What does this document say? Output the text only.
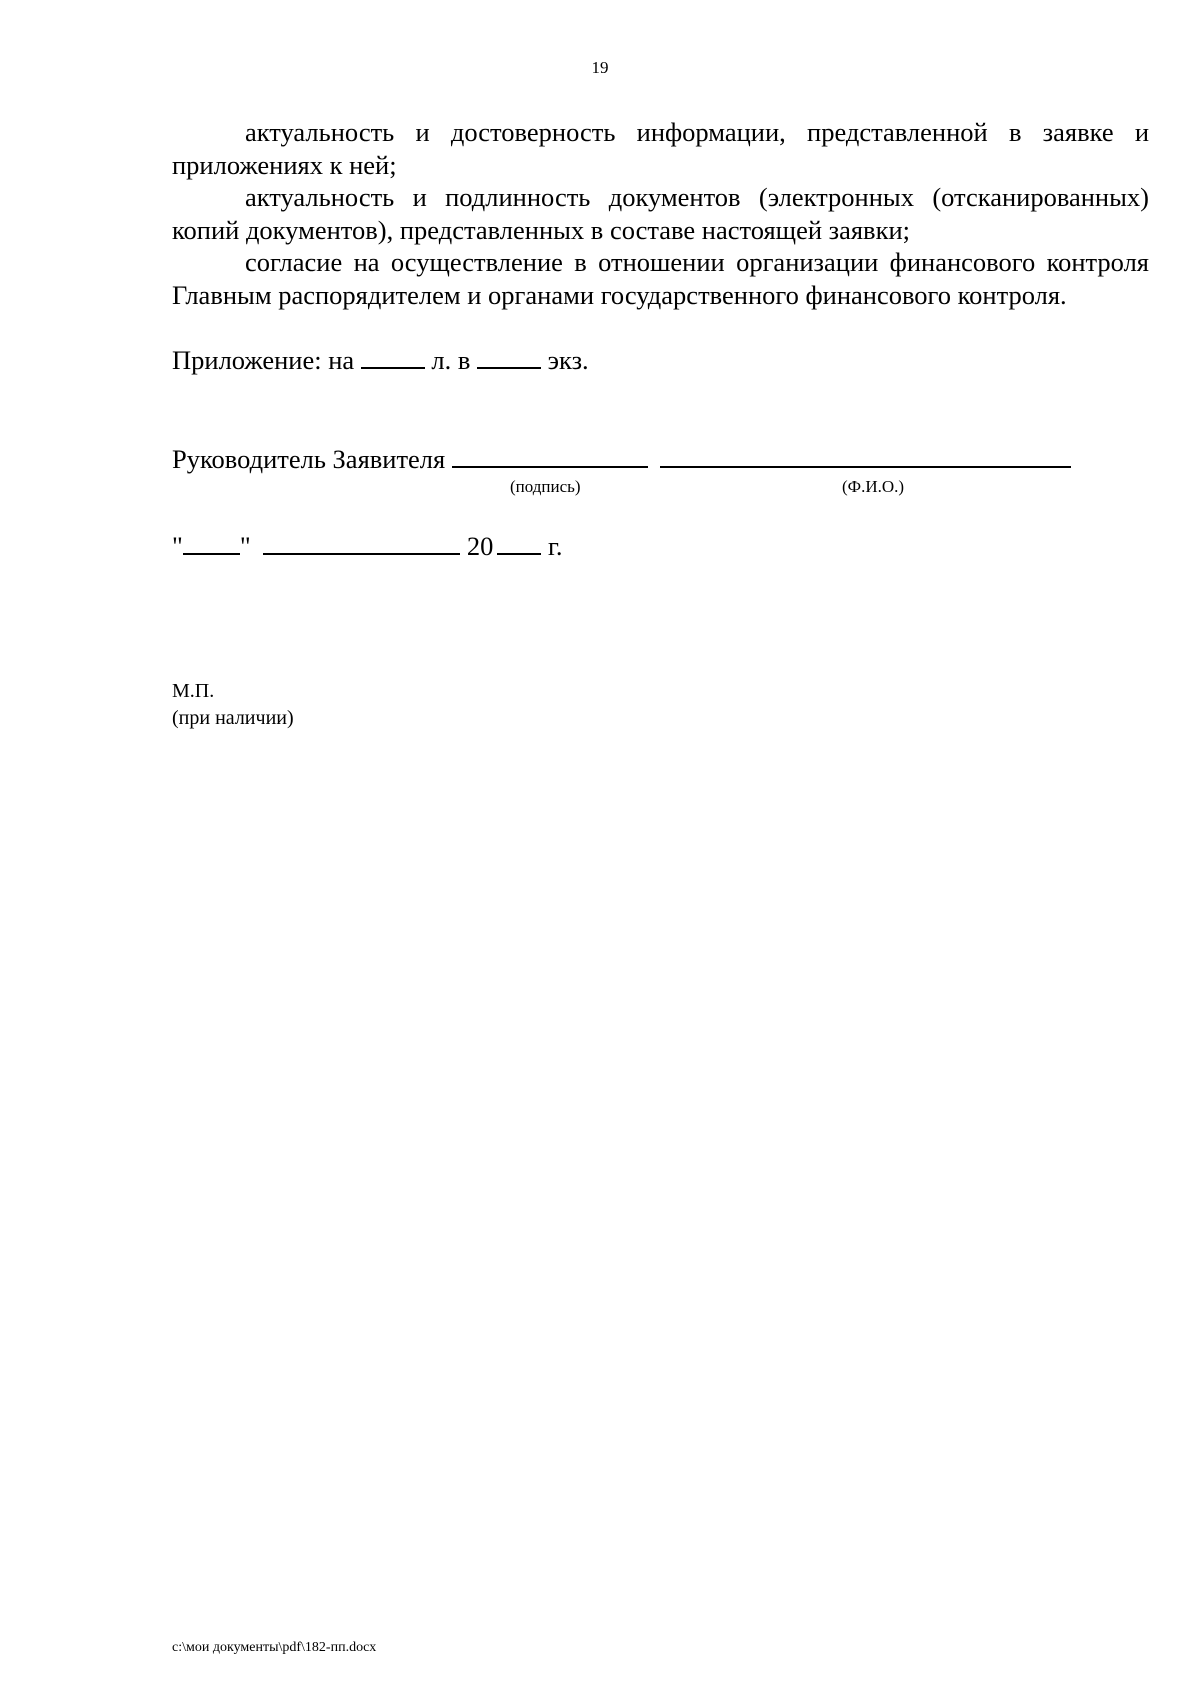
19

актуальность и достоверность информации, представленной в заявке и приложениях к ней;

актуальность и подлинность документов (электронных (отсканированных) копий документов), представленных в составе настоящей заявки;

согласие на осуществление в отношении организации финансового контроля Главным распорядителем и органами государственного финансового контроля.

Приложение: на	л. в	экз.
Руководитель Заявителя
(подпись)	(Ф.И.О.)
" "	20 г.
М.П.
(при наличии)
c:\мои документы\pdf\182-пп.docx
